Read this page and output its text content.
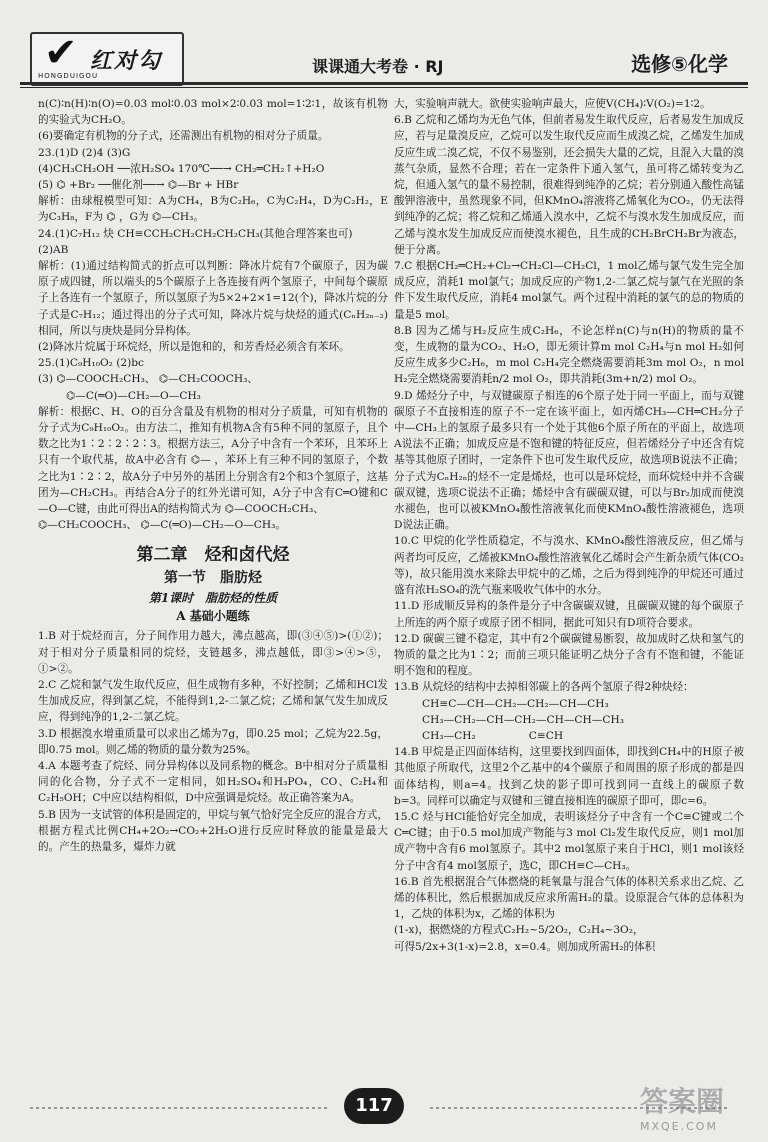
✔ 红对勾
HONGDUIGOU	课课通大考卷 · RJ	选修⑤化学

n(C)∶n(H)∶n(O)=0.03 mol∶0.03 mol×2∶0.03 mol=1∶2∶1，故该有机物的实验式为CH₂O。

(6)要确定有机物的分子式，还需测出有机物的相对分子质量。

23.(1)D (2)4 (3)G

(4)CH₃CH₂OH ──浓H₂SO₄ 170℃──→ CH₂═CH₂↑+H₂O

(5) ⌬ +Br₂ ──催化剂──→ ⌬—Br + HBr

解析：由球棍模型可知：A为CH₄，B为C₂H₆，C为C₂H₄，D为C₂H₂，E为C₃H₈，F为 ⌬ ，G为 ⌬—CH₃。

24.(1)C₇H₁₂ 炔 CH≡CCH₂CH₂CH₂CH₂CH₃(其他合理答案也可)

(2)AB

解析：(1)通过结构简式的折点可以判断：降冰片烷有7个碳原子，因为碳原子成四键，所以端头的5个碳原子上各连接有两个氢原子，中间每个碳原子上各连有一个氢原子，所以氢原子为5×2+2×1=12(个)，降冰片烷的分子式是C₇H₁₂；通过得出的分子式可知，降冰片烷与炔烃的通式(CₙH₂ₙ₋₂)相同，所以与庚炔是同分异构体。

(2)降冰片烷属于环烷烃，所以是饱和的，和芳香烃必须含有苯环。

25.(1)C₉H₁₀O₂ (2)bc

(3) ⌬—COOCH₂CH₃、 ⌬—CH₂COOCH₃、

⌬—C(═O)—CH₂—O—CH₃

解析：根据C、H、O的百分含量及有机物的相对分子质量，可知有机物的分子式为C₉H₁₀O₂。由方法二，推知有机物A含有5种不同的氢原子，且个数之比为1∶2∶2∶2∶3。根据方法三，A分子中含有一个苯环，且苯环上只有一个取代基，故A中必含有 ⌬— ，苯环上有三种不同的氢原子，个数之比为1∶2∶2，故A分子中另外的基团上分别含有2个和3个氢原子，这基团为—CH₂CH₃。再结合A分子的红外光谱可知，A分子中含有C═O键和C—O—C键，由此可得出A的结构简式为 ⌬—COOCH₂CH₃、

⌬—CH₂COOCH₃、 ⌬—C(═O)—CH₂—O—CH₃。

第二章　烃和卤代烃
第一节　脂肪烃
第1课时　脂肪烃的性质
A 基础小题练

1.B 对于烷烃而言，分子间作用力越大，沸点越高，即(③④⑤)>(①②)；对于相对分子质量相同的烷烃，支链越多，沸点越低，即③>④>⑤，①>②。

2.C 乙烷和氯气发生取代反应，但生成物有多种，不好控制；乙烯和HCl发生加成反应，得到氯乙烷，不能得到1,2-二氯乙烷；乙烯和氯气发生加成反应，得到纯净的1,2-二氯乙烷。

3.D 根据溴水增重质量可以求出乙烯为7g，即0.25 mol；乙烷为22.5g，即0.75 mol。则乙烯的物质的量分数为25%。

4.A 本题考查了烷烃、同分异构体以及同系物的概念。B中相对分子质量相同的化合物，分子式不一定相同，如H₂SO₄和H₃PO₄，CO、C₂H₄和C₂H₅OH；C中应以结构相似，D中应强调是烷烃。故正确答案为A。

5.B 因为一支试管的体积是固定的，甲烷与氧气恰好完全反应的混合方式，根据方程式比例CH₄+2O₂→CO₂+2H₂O进行反应时释放的能量是最大的。产生的热量多，爆炸力就

大，实验响声就大。欲使实验响声最大，应使V(CH₄)∶V(O₂)=1∶2。

6.B 乙烷和乙烯均为无色气体，但前者易发生取代反应，后者易发生加成反应，若与足量溴反应，乙烷可以发生取代反应而生成溴乙烷，乙烯发生加成反应生成二溴乙烷，不仅不易鉴别，还会损失大量的乙烷，且混入大量的溴蒸气杂质，显然不合理；若在一定条件下通入氢气，虽可将乙烯转变为乙烷，但通入氢气的量不易控制，很难得到纯净的乙烷；若分别通入酸性高锰酸钾溶液中，虽然现象不同，但KMnO₄溶液将乙烯氧化为CO₂，仍无法得到纯净的乙烷；将乙烷和乙烯通入溴水中，乙烷不与溴水发生加成反应，而乙烯与溴水发生加成反应而使溴水褪色，且生成的CH₂BrCH₂Br为液态，便于分离。

7.C 根据CH₂═CH₂+Cl₂→CH₂Cl—CH₂Cl，1 mol乙烯与氯气发生完全加成反应，消耗1 mol氯气；加成反应的产物1,2-二氯乙烷与氯气在光照的条件下发生取代反应，消耗4 mol氯气。两个过程中消耗的氯气的总的物质的量是5 mol。

8.B 因为乙烯与H₂反应生成C₂H₆，不论怎样n(C)与n(H)的物质的量不变，生成物的量为CO₂、H₂O，即无须计算m mol C₂H₄与n mol H₂如何反应生成多少C₂H₆，m mol C₂H₄完全燃烧需要消耗3m mol O₂，n mol H₂完全燃烧需要消耗n/2 mol O₂，即共消耗(3m+n/2) mol O₂。

9.D 烯烃分子中，与双键碳原子相连的6个原子处于同一平面上，而与双键碳原子不直接相连的原子不一定在该平面上，如丙烯CH₃—CH═CH₂分子中—CH₃上的氢原子最多只有一个处于其他6个原子所在的平面上，故选项A说法不正确；加成反应是不饱和键的特征反应，但若烯烃分子中还含有烷基等其他原子团时，一定条件下也可发生取代反应，故选项B说法不正确；分子式为CₙH₂ₙ的烃不一定是烯烃，也可以是环烷烃，而环烷烃中并不含碳碳双键，选项C说法不正确；烯烃中含有碳碳双键，可以与Br₂加成而使溴水褪色，也可以被KMnO₄酸性溶液氧化而使KMnO₄酸性溶液褪色，选项D说法正确。

10.C 甲烷的化学性质稳定，不与溴水、KMnO₄酸性溶液反应，但乙烯与两者均可反应，乙烯被KMnO₄酸性溶液氧化乙烯时会产生新杂质气体(CO₂等)，故只能用溴水来除去甲烷中的乙烯，之后为得到纯净的甲烷还可通过盛有浓H₂SO₄的洗气瓶来吸收气体中的水分。

11.D 形成顺反异构的条件是分子中含碳碳双键，且碳碳双键的每个碳原子上所连的两个原子或原子团不相同，据此可知只有D项符合要求。

12.D 碳碳三键不稳定，其中有2个碳碳键易断裂，故加成时乙炔和氢气的物质的量之比为1∶2；而前三项只能证明乙炔分子含有不饱和键，不能证明不饱和的程度。

13.B 从烷烃的结构中去掉相邻碳上的各两个氢原子得2种炔烃：

CH≡C—CH—CH₂—CH₂—CH—CH₃

CH₃—CH₂—CH—CH₂—CH—CH—CH₃

CH₃—CH₂　　　　　C≡CH

14.B 甲烷是正四面体结构，这里要找到四面体，即找到CH₄中的H原子被其他原子所取代，这里2个乙基中的4个碳原子和周围的原子形成的都是四面体结构，则a=4。找到乙炔的影子即可找到同一直线上的碳原子数b=3。同样可以确定与双键和三键直接相连的碳原子即可，即c=6。

15.C 烃与HCl能恰好完全加成，表明该烃分子中含有一个C≡C键或二个C═C键；由于0.5 mol加成产物能与3 mol Cl₂发生取代反应，则1 mol加成产物中含有6 mol氢原子。其中2 mol氢原子来自于HCl，则1 mol该烃分子中含有4 mol氢原子，选C，即CH≡C—CH₃。

16.B 首先根据混合气体燃烧的耗氧量与混合气体的体积关系求出乙烷、乙烯的体积比，然后根据加成反应求所需H₂的量。设原混合气体的总体积为1，乙炔的体积为x，乙烯的体积为

(1-x)，据燃烧的方程式C₂H₂~5/2O₂，C₂H₄~3O₂，

可得5/2x+3(1-x)=2.8，x=0.4。则加成所需H₂的体积

117	答案圈
MXQE.COM
